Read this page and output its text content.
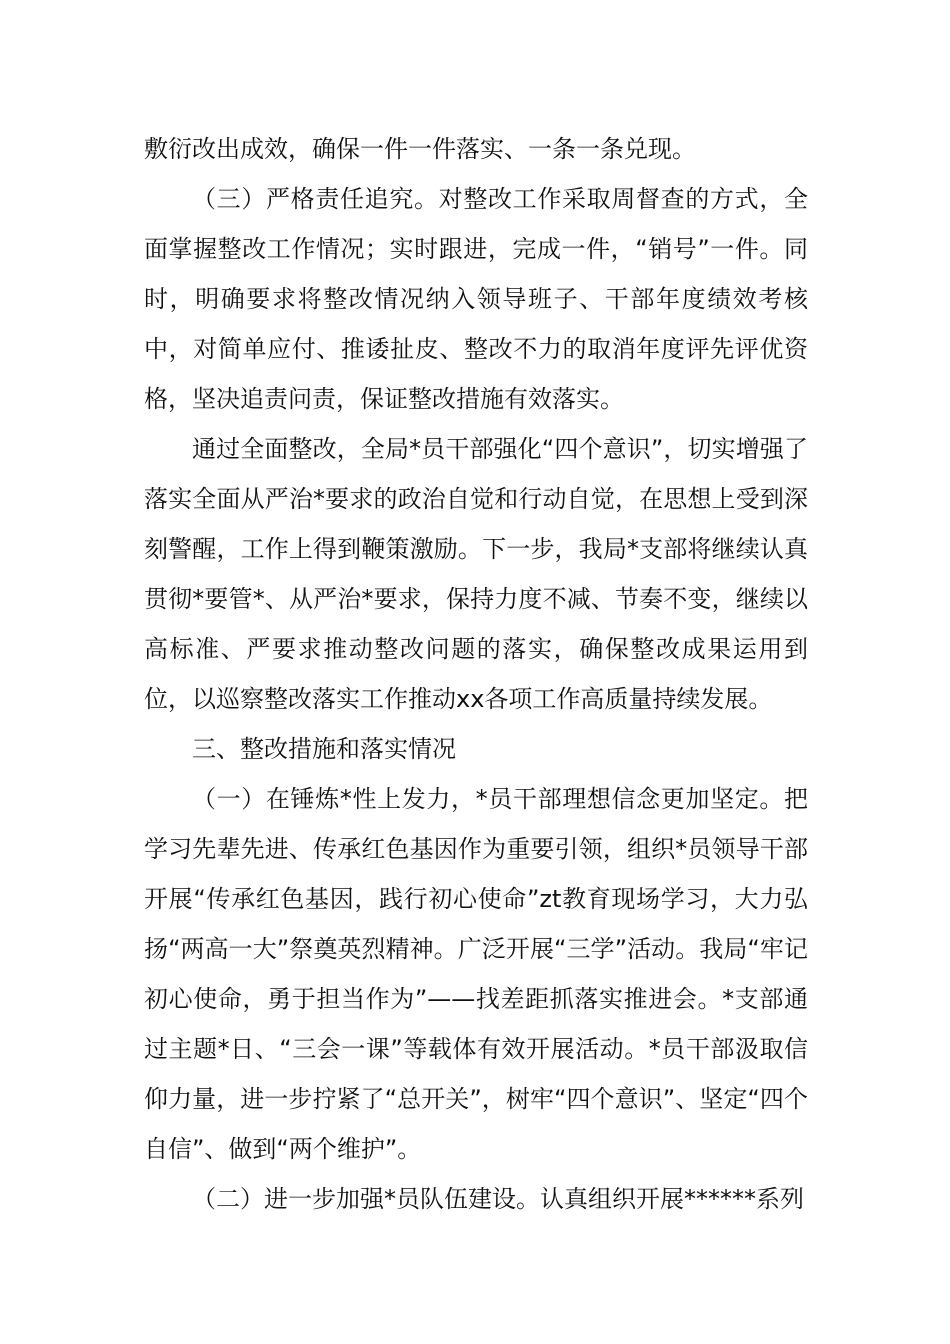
敷衍改出成效，确保一件一件落实、一条一条兑现。

（三）严格责任追究。对整改工作采取周督查的方式，全面掌握整改工作情况；实时跟进，完成一件，“销号”一件。同时，明确要求将整改情况纳入领导班子、干部年度绩效考核中，对简单应付、推诿扯皮、整改不力的取消年度评先评优资格，坚决追责问责，保证整改措施有效落实。

通过全面整改，全局*员干部强化“四个意识”，切实增强了落实全面从严治*要求的政治自觉和行动自觉，在思想上受到深刻警醒，工作上得到鞭策激励。下一步，我局*支部将继续认真贯彻*要管*、从严治*要求，保持力度不减、节奏不变，继续以高标准、严要求推动整改问题的落实，确保整改成果运用到位，以巡察整改落实工作推动xx各项工作高质量持续发展。

三、整改措施和落实情况

（一）在锤炼*性上发力，*员干部理想信念更加坚定。把学习先辈先进、传承红色基因作为重要引领，组织*员领导干部开展“传承红色基因，践行初心使命”zt教育现场学习，大力弘扬“两高一大”祭奠英烈精神。广泛开展“三学”活动。我局“牢记初心使命，勇于担当作为”——找差距抓落实推进会。*支部通过主题*日、“三会一课”等载体有效开展活动。*员干部汲取信仰力量，进一步拧紧了“总开关”，树牢“四个意识”、坚定“四个自信”、做到“两个维护”。

（二）进一步加强*员队伍建设。认真组织开展******系列
